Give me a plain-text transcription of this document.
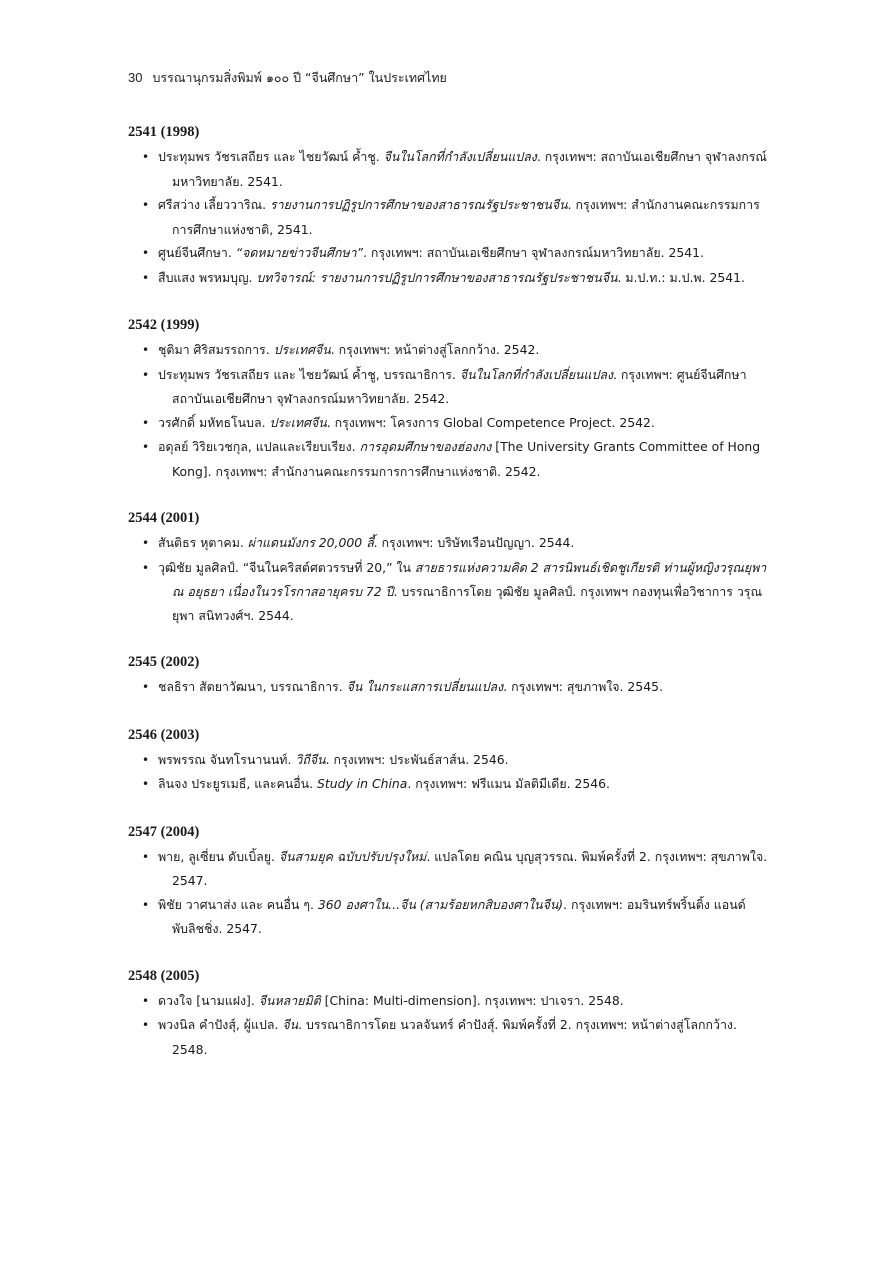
30 บรรณานุกรมสิ่งพิมพ์ ๑๐๐ ปี “จีนศึกษา” ในประเทศไทย
2541 (1998)
• ประทุมพร วัชรเสถียร และ ไชยวัฒน์ ค้ำชู. จีนในโลกที่กำลังเปลี่ยนแปลง. กรุงเทพฯ: สถาบันเอเชียศึกษา จุฬาลงกรณ์มหาวิทยาลัย. 2541.
• ศรีสว่าง เลี้ยววาริณ. รายงานการปฏิรูปการศึกษาของสาธารณรัฐประชาชนจีน. กรุงเทพฯ: สำนักงานคณะกรรมการการศึกษาแห่งชาติ, 2541.
• ศูนย์จีนศึกษา. “จดหมายข่าวจีนศึกษา”. กรุงเทพฯ: สถาบันเอเชียศึกษา จุฬาลงกรณ์มหาวิทยาลัย. 2541.
• สืบแสง พรหมบุญ. บทวิจารณ์: รายงานการปฏิรูปการศึกษาของสาธารณรัฐประชาชนจีน. ม.ป.ท.: ม.ป.พ. 2541.
2542 (1999)
• ชุติมา ศิริสมรรถการ. ประเทศจีน. กรุงเทพฯ: หน้าต่างสู่โลกกว้าง. 2542.
• ประทุมพร วัชรเสถียร และ ไชยวัฒน์ ค้ำชู, บรรณาธิการ. จีนในโลกที่กำลังเปลี่ยนแปลง. กรุงเทพฯ: ศูนย์จีนศึกษา สถาบันเอเชียศึกษา จุฬาลงกรณ์มหาวิทยาลัย. 2542.
• วรศักดิ์ มหัทธโนบล. ประเทศจีน. กรุงเทพฯ: โครงการ Global Competence Project. 2542.
• อดุลย์ วิริยเวชกุล, แปลและเรียบเรียง. การอุดมศึกษาของฮ่องกง [The University Grants Committee of Hong Kong]. กรุงเทพฯ: สำนักงานคณะกรรมการการศึกษาแห่งชาติ. 2542.
2544 (2001)
• สันติธร หุตาคม. ผ่าแดนมังกร 20,000 ลี้. กรุงเทพฯ: บริษัทเรือนปัญญา. 2544.
• วุฒิชัย มูลศิลป์. “จีนในคริสต์ศตวรรษที่ 20,” ใน สายธารแห่งความคิด 2 สารนิพนธ์เชิดชูเกียรติ ท่านผู้หญิงวรุณยุพา ณ อยุธยา เนื่องในวรโรกาสอายุครบ 72 ปี. บรรณาธิการโดย วุฒิชัย มูลศิลป์. กรุงเทพฯ กองทุนเพื่อวิชาการ วรุณยุพา สนิทวงศ์ฯ. 2544.
2545 (2002)
• ชลธิรา สัตยาวัฒนา, บรรณาธิการ. จีน ในกระแสการเปลี่ยนแปลง. กรุงเทพฯ: สุขภาพใจ. 2545.
2546 (2003)
• พรพรรณ จันทโรนานนท์. วิถีจีน. กรุงเทพฯ: ประพันธ์สาส์น. 2546.
• ลินจง ประยูรเมธี, และคนอื่น. Study in China. กรุงเทพฯ: ฟรีแมน มัลติมีเดีย. 2546.
2547 (2004)
• พาย, ลูเซี่ยน ดับเบิ้ลยู. จีนสามยุค ฉบับปรับปรุงใหม่. แปลโดย คณิน บุญสุวรรณ. พิมพ์ครั้งที่ 2. กรุงเทพฯ: สุขภาพใจ. 2547.
• พิชัย วาศนาส่ง และ คนอื่น ๆ. 360 องศาใน...จีน (สามร้อยหกสิบองศาในจีน). กรุงเทพฯ: อมรินทร์พริ้นติ้ง แอนด์พับลิชชิ่ง. 2547.
2548 (2005)
• ดวงใจ [นามแฝง]. จีนหลายมิติ [China: Multi-dimension]. กรุงเทพฯ: ปาเจรา. 2548.
• พวงนิล คำปังสุ์, ผู้แปล. จีน. บรรณาธิการโดย นวลจันทร์ คำปังสุ์. พิมพ์ครั้งที่ 2. กรุงเทพฯ: หน้าต่างสู่โลกกว้าง. 2548.
